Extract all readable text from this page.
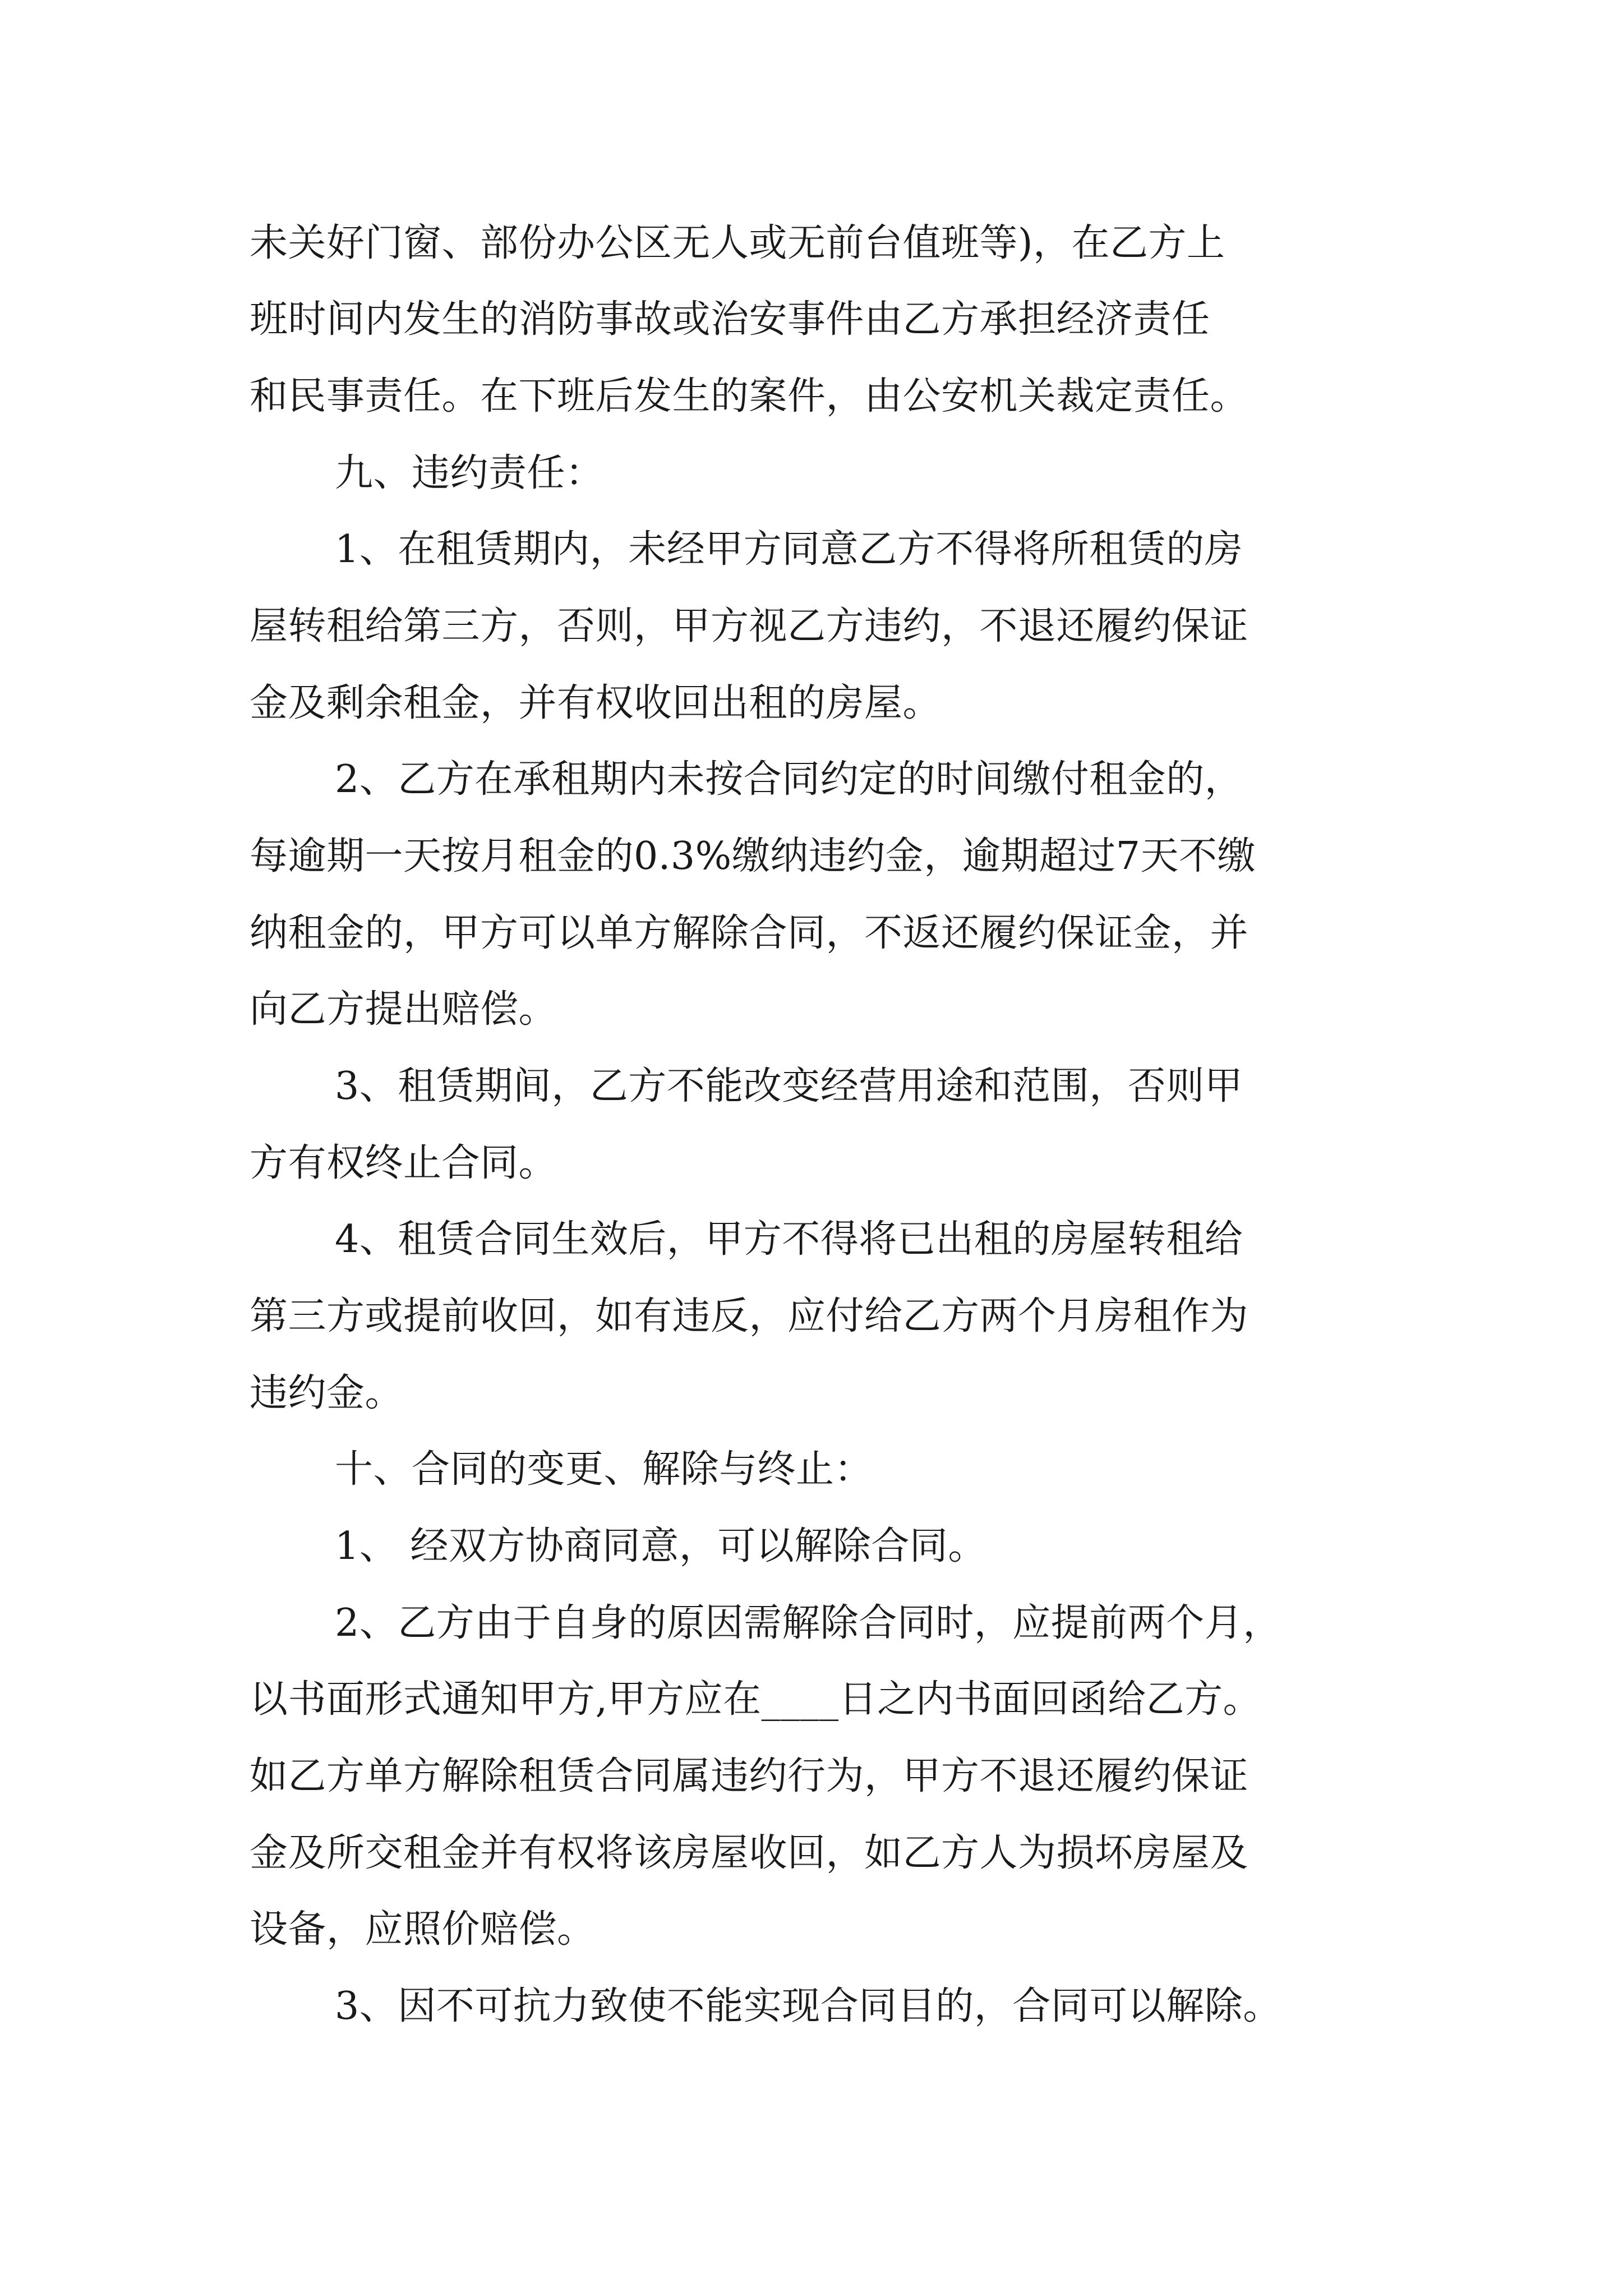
未关好门窗、部份办公区无人或无前台值班等)，在乙方上
班时间内发生的消防事故或治安事件由乙方承担经济责任
和民事责任。在下班后发生的案件，由公安机关裁定责任。
九、违约责任：
1、在租赁期内，未经甲方同意乙方不得将所租赁的房
屋转租给第三方，否则，甲方视乙方违约，不退还履约保证
金及剩余租金，并有权收回出租的房屋。
2、乙方在承租期内未按合同约定的时间缴付租金的，
每逾期一天按月租金的0.3%缴纳违约金，逾期超过7天不缴
纳租金的，甲方可以单方解除合同，不返还履约保证金，并
向乙方提出赔偿。
3、租赁期间，乙方不能改变经营用途和范围，否则甲
方有权终止合同。
4、租赁合同生效后，甲方不得将已出租的房屋转租给
第三方或提前收回，如有违反，应付给乙方两个月房租作为
违约金。
十、合同的变更、解除与终止：
1、 经双方协商同意，可以解除合同。
2、乙方由于自身的原因需解除合同时，应提前两个月，
以书面形式通知甲方,甲方应在____日之内书面回函给乙方。
如乙方单方解除租赁合同属违约行为，甲方不退还履约保证
金及所交租金并有权将该房屋收回，如乙方人为损坏房屋及
设备，应照价赔偿。
3、因不可抗力致使不能实现合同目的，合同可以解除。
